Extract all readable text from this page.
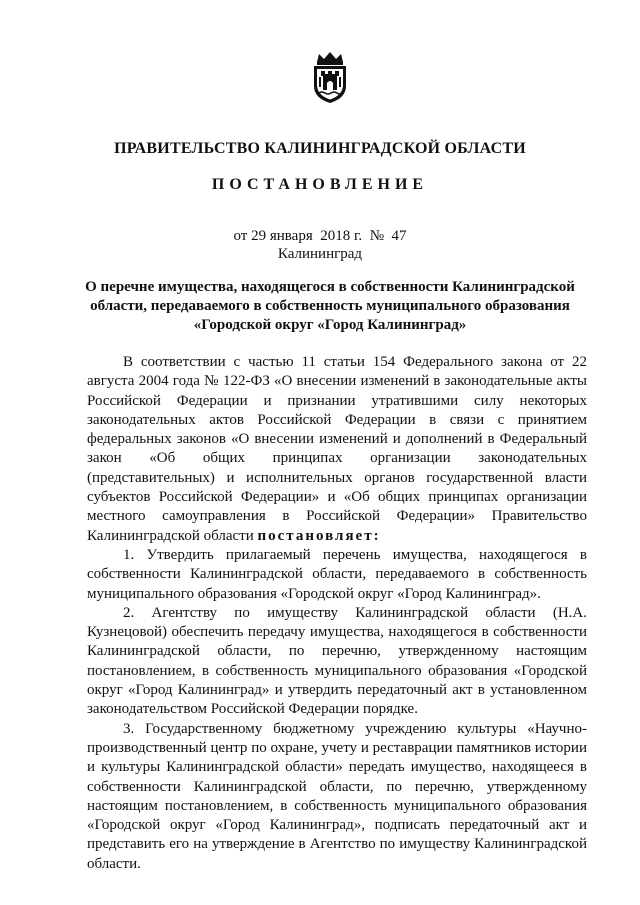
ПРАВИТЕЛЬСТВО КАЛИНИНГРАДСКОЙ ОБЛАСТИ
ПОСТАНОВЛЕНИЕ
от 29 января 2018 г. № 47
Калининград
О перечне имущества, находящегося в собственности Калининградской
области, передаваемого в собственность муниципального образования
«Городской округ «Город Калининград»

В соответствии с частью 11 статьи 154 Федерального закона от 22 августа 2004 года № 122-ФЗ «О внесении изменений в законодательные акты Российской Федерации и признании утратившими силу некоторых законодательных актов Российской Федерации в связи с принятием федеральных законов «О внесении изменений и дополнений в Федеральный закон «Об общих принципах организации законодательных (представительных) и исполнительных органов государственной власти субъектов Российской Федерации» и «Об общих принципах организации местного самоуправления в Российской Федерации» Правительство Калининградской области постановляет:

1. Утвердить прилагаемый перечень имущества, находящегося в собственности Калининградской области, передаваемого в собственность муниципального образования «Городской округ «Город Калининград».

2. Агентству по имуществу Калининградской области (Н.А. Кузнецовой) обеспечить передачу имущества, находящегося в собственности Калининградской области, по перечню, утвержденному настоящим постановлением, в собственность муниципального образования «Городской округ «Город Калининград» и утвердить передаточный акт в установленном законодательством Российской Федерации порядке.

3. Государственному бюджетному учреждению культуры «Научно-производственный центр по охране, учету и реставрации памятников истории и культуры Калининградской области» передать имущество, находящееся в собственности Калининградской области, по перечню, утвержденному настоящим постановлением, в собственность муниципального образования «Городской округ «Город Калининград», подписать передаточный акт и представить его на утверждение в Агентство по имуществу Калининградской области.
